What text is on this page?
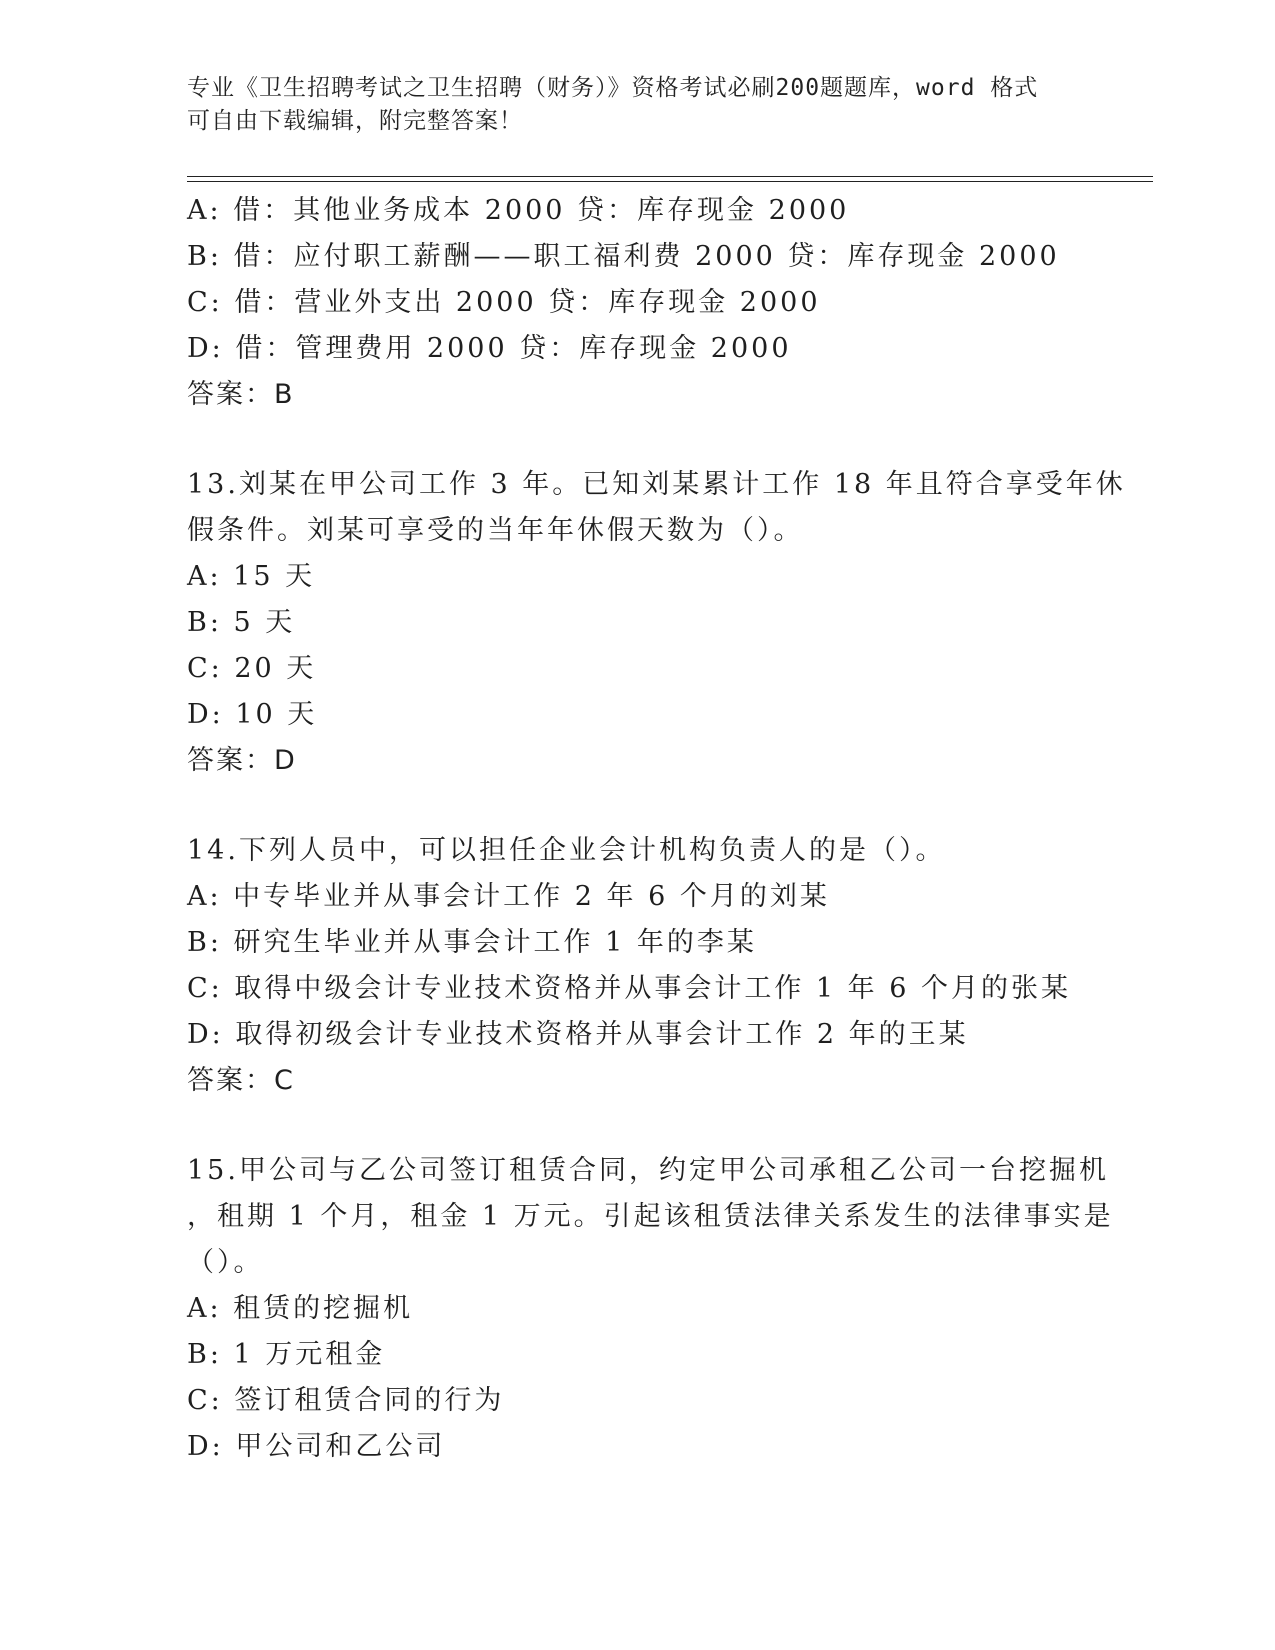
专业《卫生招聘考试之卫生招聘（财务）》资格考试必刷200题题库，word 格式
可自由下载编辑，附完整答案！
A: 借：其他业务成本 2000 贷：库存现金 2000
B: 借：应付职工薪酬——职工福利费 2000 贷：库存现金 2000
C: 借：营业外支出 2000 贷：库存现金 2000
D: 借：管理费用 2000 贷：库存现金 2000
答案：B
13.刘某在甲公司工作 3 年。已知刘某累计工作 18 年且符合享受年休
假条件。刘某可享受的当年年休假天数为（）。
A: 15 天
B: 5 天
C: 20 天
D: 10 天
答案：D
14.下列人员中，可以担任企业会计机构负责人的是（）。
A: 中专毕业并从事会计工作 2 年 6 个月的刘某
B: 研究生毕业并从事会计工作 1 年的李某
C: 取得中级会计专业技术资格并从事会计工作 1 年 6 个月的张某
D: 取得初级会计专业技术资格并从事会计工作 2 年的王某
答案：C
15.甲公司与乙公司签订租赁合同，约定甲公司承租乙公司一台挖掘机
，租期 1 个月，租金 1 万元。引起该租赁法律关系发生的法律事实是
（）。
A: 租赁的挖掘机
B: 1 万元租金
C: 签订租赁合同的行为
D: 甲公司和乙公司
